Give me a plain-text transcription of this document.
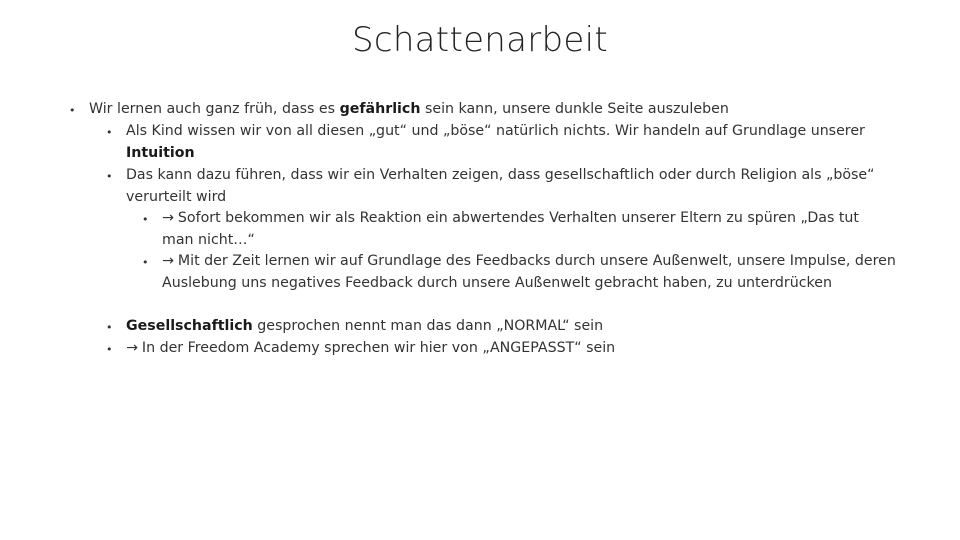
Schattenarbeit
• Wir lernen auch ganz früh, dass es gefährlich sein kann, unsere dunkle Seite auszuleben
• Als Kind wissen wir von all diesen „gut“ und „böse“ natürlich nichts. Wir handeln auf Grundlage unserer Intuition
• Das kann dazu führen, dass wir ein Verhalten zeigen, dass gesellschaftlich oder durch Religion als „böse“ verurteilt wird
• → Sofort bekommen wir als Reaktion ein abwertendes Verhalten unserer Eltern zu spüren „Das tut man nicht…“
• → Mit der Zeit lernen wir auf Grundlage des Feedbacks durch unsere Außenwelt, unsere Impulse, deren Auslebung uns negatives Feedback durch unsere Außenwelt gebracht haben, zu unterdrücken
• Gesellschaftlich gesprochen nennt man das dann „NORMAL“ sein
• → In der Freedom Academy sprechen wir hier von „ANGEPASST“ sein
